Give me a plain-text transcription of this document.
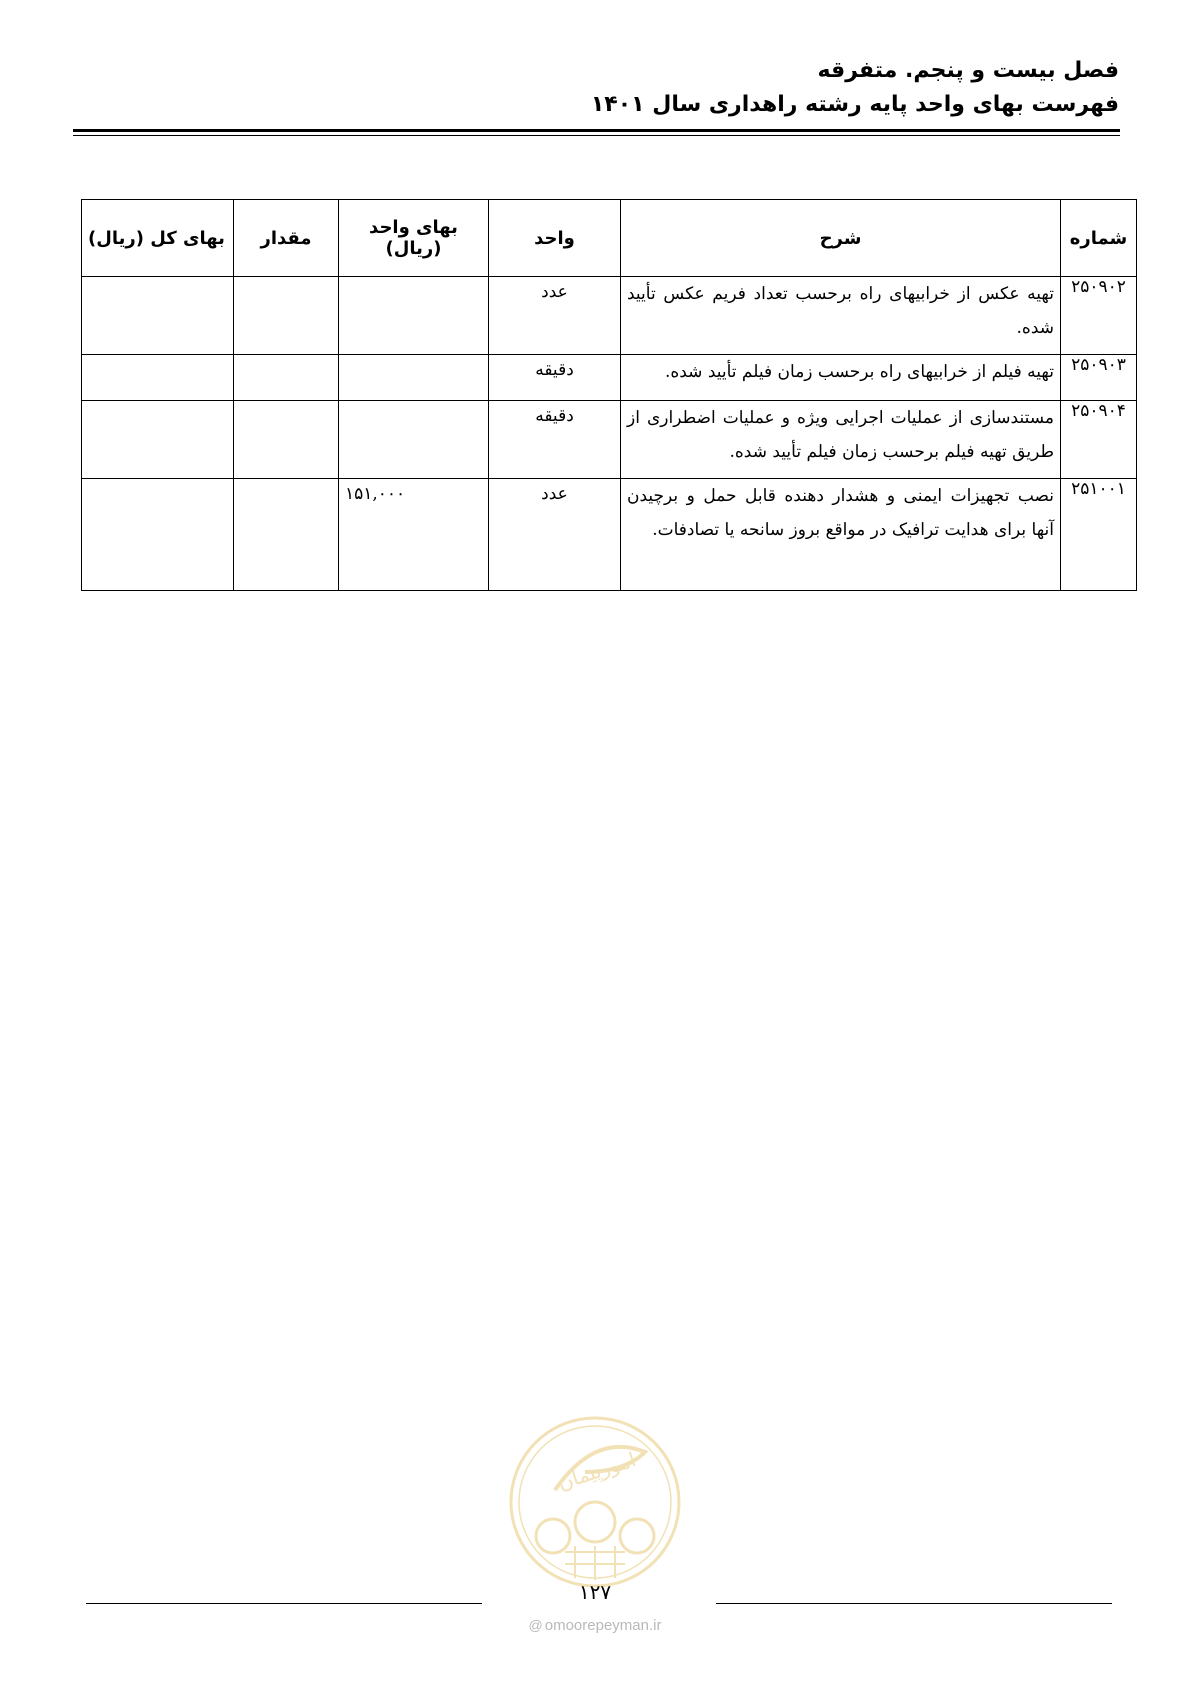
فصل بیست و پنجم. متفرقه
فهرست بهای واحد پایه رشته راهداری سال ۱۴۰۱
شماره	شرح	واحد	بهای واحد (ریال)	مقدار	بهای کل (ریال)
۲۵۰۹۰۲	تهیه عکس از خرابیهای راه برحسب تعداد فریم عکس تأیید شده.	عدد			
۲۵۰۹۰۳	تهیه فیلم از خرابیهای راه برحسب زمان فیلم تأیید شده.	دقیقه			
۲۵۰۹۰۴	مستندسازی از عملیات اجرایی ویژه و عملیات اضطراری از طریق تهیه فیلم برحسب زمان فیلم تأیید شده.	دقیقه			
۲۵۱۰۰۱	نصب تجهیزات ایمنی و هشدار دهنده قابل حمل و برچیدن آنها برای هدایت ترافیک در مواقع بروز سانحه یا تصادفات.	عدد	۱۵۱,۰۰۰		
امورپیمان
۱۲۷
@ omoorepeyman.ir
